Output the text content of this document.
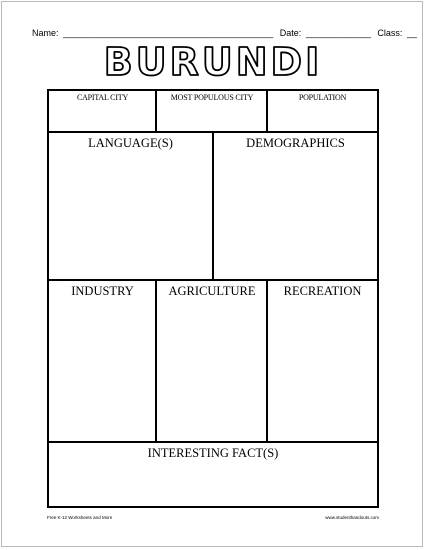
Name: __________________________________________ Date: _____________ Class: __
BURUNDI
CAPITAL CITY	MOST POPULOUS CITY	POPULATION
LANGUAGE(S)	DEMOGRAPHICS
INDUSTRY	AGRICULTURE	RECREATION
INTERESTING FACT(S)
Free K-12 Worksheets and More	www.studenthandouts.com
